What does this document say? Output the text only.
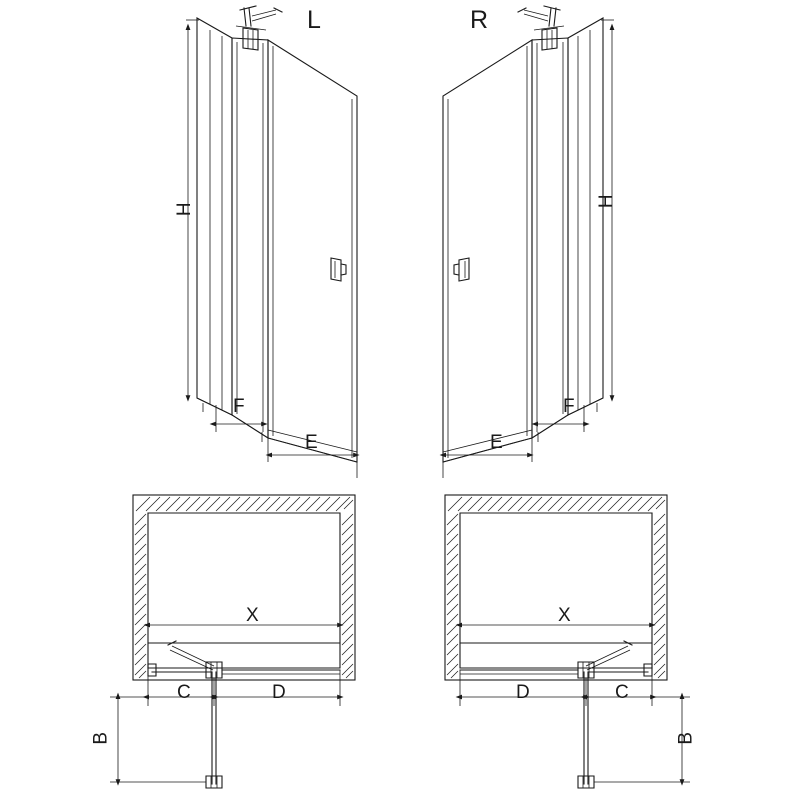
L	R
H
F
E
H
F
E
X
C	D
B
X
D	C
B
